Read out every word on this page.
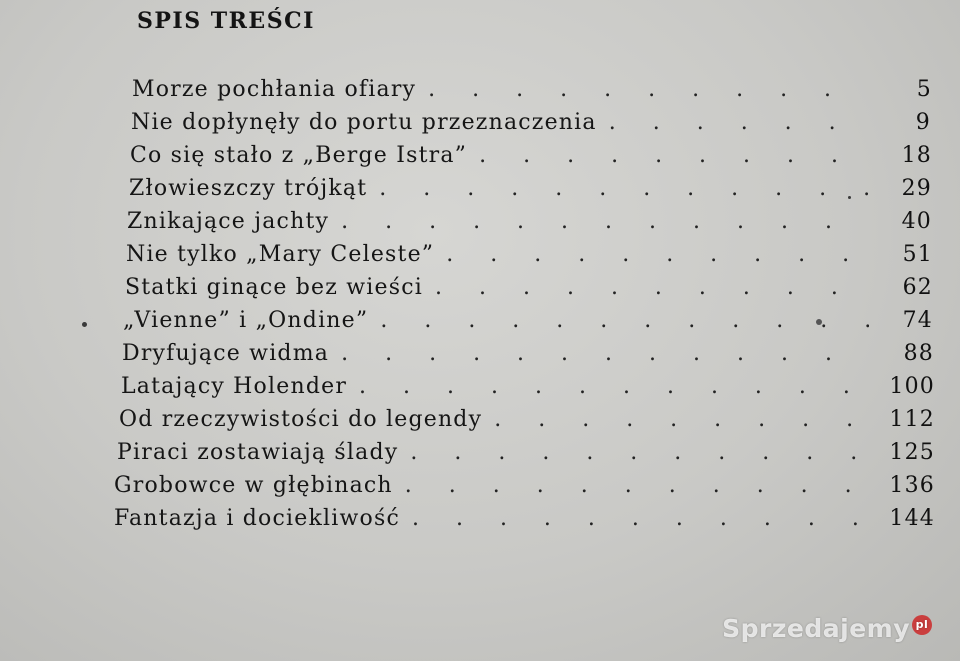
SPIS TREŚCI
Morze pochłania ofiary . . .	5
Nie dopłynęły do portu przeznaczenia . . .	9
Co się stało z „Berge Istra” . . .	18
Złowieszczy trójkąt . . .	29
Znikające jachty . . .	40
Nie tylko „Mary Celeste” . . .	51
Statki ginące bez wieści . . .	62
„Vienne” i „Ondine” . . .	74
Dryfujące widma . . .	88
Latający Holender . . .	100
Od rzeczywistości do legendy . . .	112
Piraci zostawiają ślady . . .	125
Grobowce w głębinach . . .	136
Fantazja i dociekliwość . . .	144
Sprzedajemy pl
